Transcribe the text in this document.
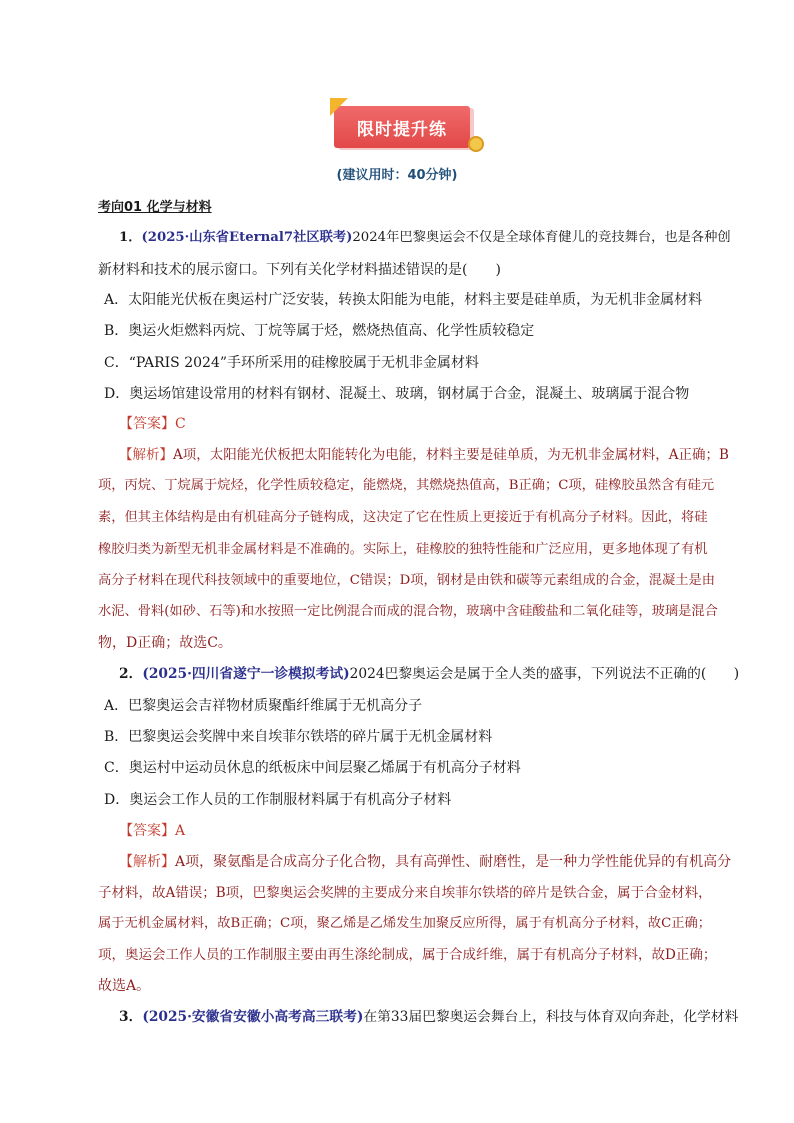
限时提升练
(建议用时：40分钟)
考向01 化学与材料
1．(2025·山东省Eternal7社区联考)2024年巴黎奥运会不仅是全球体育健儿的竞技舞台，也是各种创
新材料和技术的展示窗口。下列有关化学材料描述错误的是(　　)
A．太阳能光伏板在奥运村广泛安装，转换太阳能为电能，材料主要是硅单质，为无机非金属材料
B．奥运火炬燃料丙烷、丁烷等属于烃，燃烧热值高、化学性质较稳定
C．“PARIS 2024”手环所采用的硅橡胶属于无机非金属材料
D．奥运场馆建设常用的材料有钢材、混凝土、玻璃，钢材属于合金，混凝土、玻璃属于混合物
【答案】C
【解析】A项，太阳能光伏板把太阳能转化为电能，材料主要是硅单质，为无机非金属材料，A正确；B
项，丙烷、丁烷属于烷烃，化学性质较稳定，能燃烧，其燃烧热值高，B正确；C项，硅橡胶虽然含有硅元
素，但其主体结构是由有机硅高分子链构成，这决定了它在性质上更接近于有机高分子材料。因此，将硅
橡胶归类为新型无机非金属材料是不准确的。实际上，硅橡胶的独特性能和广泛应用，更多地体现了有机
高分子材料在现代科技领域中的重要地位，C错误；D项，钢材是由铁和碳等元素组成的合金，混凝土是由
水泥、骨料(如砂、石等)和水按照一定比例混合而成的混合物，玻璃中含硅酸盐和二氧化硅等，玻璃是混合
物，D正确；故选C。
2．(2025·四川省遂宁一诊模拟考试)2024巴黎奥运会是属于全人类的盛事，下列说法不正确的(　　)
A．巴黎奥运会吉祥物材质聚酯纤维属于无机高分子
B．巴黎奥运会奖牌中来自埃菲尔铁塔的碎片属于无机金属材料
C．奥运村中运动员休息的纸板床中间层聚乙烯属于有机高分子材料
D．奥运会工作人员的工作制服材料属于有机高分子材料
【答案】A
【解析】A项，聚氨酯是合成高分子化合物，具有高弹性、耐磨性，是一种力学性能优异的有机高分
子材料，故A错误；B项，巴黎奥运会奖牌的主要成分来自埃菲尔铁塔的碎片是铁合金，属于合金材料，
属于无机金属材料，故B正确；C项，聚乙烯是乙烯发生加聚反应所得，属于有机高分子材料，故C正确；
项，奥运会工作人员的工作制服主要由再生涤纶制成，属于合成纤维，属于有机高分子材料，故D正确；
故选A。
3．(2025·安徽省安徽小高考高三联考)在第33届巴黎奥运会舞台上，科技与体育双向奔赴，化学材料
